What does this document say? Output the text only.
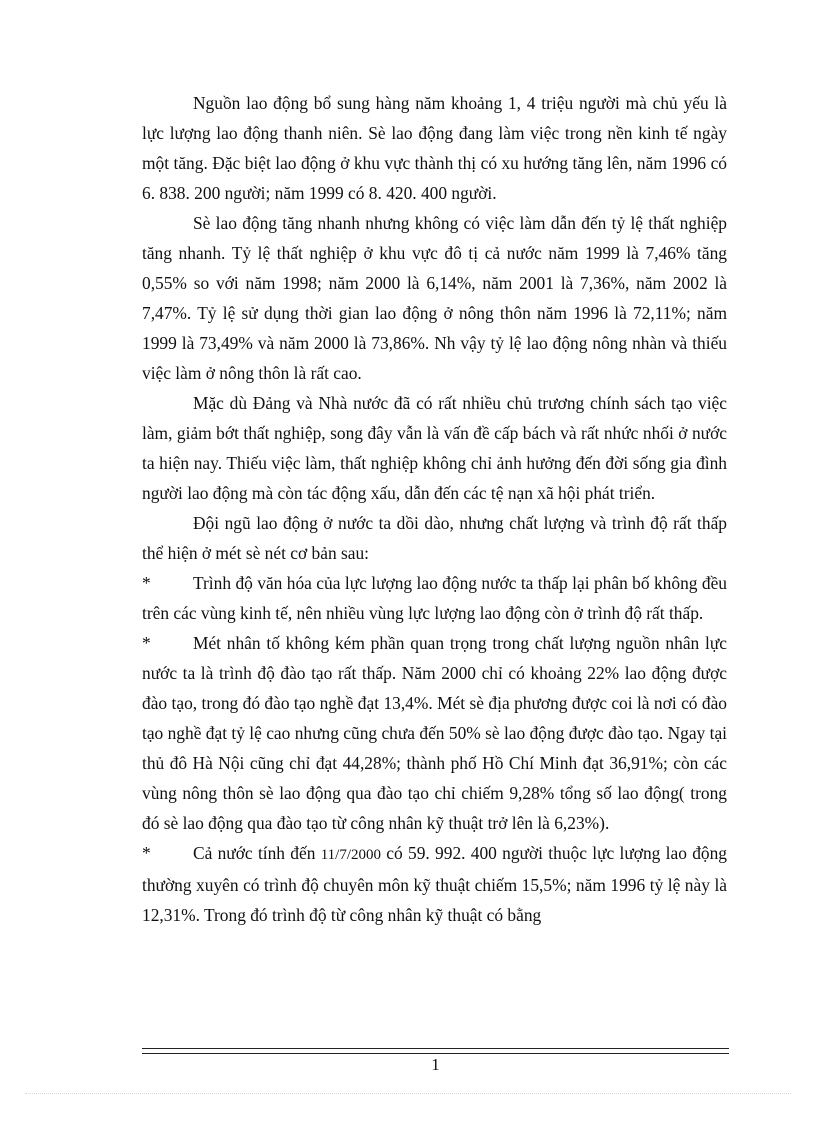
Nguồn lao động bổ sung hàng năm khoảng 1, 4 triệu người mà chủ yếu là lực lượng lao động thanh niên. Sè lao động đang làm việc trong nền kinh tế ngày một tăng. Đặc biệt lao động ở khu vực thành thị có xu hướng tăng lên, năm 1996 có 6. 838. 200 người; năm 1999 có 8. 420. 400 người.

Sè lao động tăng nhanh nhưng không có việc làm dẫn đến tỷ lệ thất nghiệp tăng nhanh. Tỷ lệ thất nghiệp ở khu vực đô tị cả nước năm 1999 là 7,46% tăng 0,55% so với năm 1998; năm 2000 là 6,14%, năm 2001 là 7,36%, năm 2002 là 7,47%. Tỷ lệ sử dụng thời gian lao động ở nông thôn năm 1996 là 72,11%; năm 1999 là 73,49% và năm 2000 là 73,86%. Nh vậy tỷ lệ lao động nông nhàn và thiếu việc làm ở nông thôn là rất cao.

Mặc dù Đảng và Nhà nước đã có rất nhiều chủ trương chính sách tạo việc làm, giảm bớt thất nghiệp, song đây vẫn là vấn đề cấp bách và rất nhức nhối ở nước ta hiện nay. Thiếu việc làm, thất nghiệp không chỉ ảnh hưởng đến đời sống gia đình người lao động mà còn tác động xấu, dẫn đến các tệ nạn xã hội phát triển.

Đội ngũ lao động ở nước ta dồi dào, nhưng chất lượng và trình độ rất thấp thể hiện ở mét sè nét cơ bản sau:

* Trình độ văn hóa của lực lượng lao động nước ta thấp lại phân bố không đều trên các vùng kinh tế, nên nhiều vùng lực lượng lao động còn ở trình độ rất thấp.

* Mét nhân tố không kém phần quan trọng trong chất lượng nguồn nhân lực nước ta là trình độ đào tạo rất thấp. Năm 2000 chỉ có khoảng 22% lao động được đào tạo, trong đó đào tạo nghề đạt 13,4%. Mét sè địa phương được coi là nơi có đào tạo nghề đạt tỷ lệ cao nhưng cũng chưa đến 50% sè lao động được đào tạo. Ngay tại thủ đô Hà Nội cũng chỉ đạt 44,28%; thành phố Hồ Chí Minh đạt 36,91%; còn các vùng nông thôn sè lao động qua đào tạo chỉ chiếm 9,28% tổng số lao động( trong đó sè lao động qua đào tạo từ công nhân kỹ thuật trở lên là 6,23%).

* Cả nước tính đến 11/7/2000 có 59. 992. 400 người thuộc lực lượng lao động thường xuyên có trình độ chuyên môn kỹ thuật chiếm 15,5%; năm 1996 tỷ lệ này là 12,31%. Trong đó trình độ từ công nhân kỹ thuật có bằng

1
